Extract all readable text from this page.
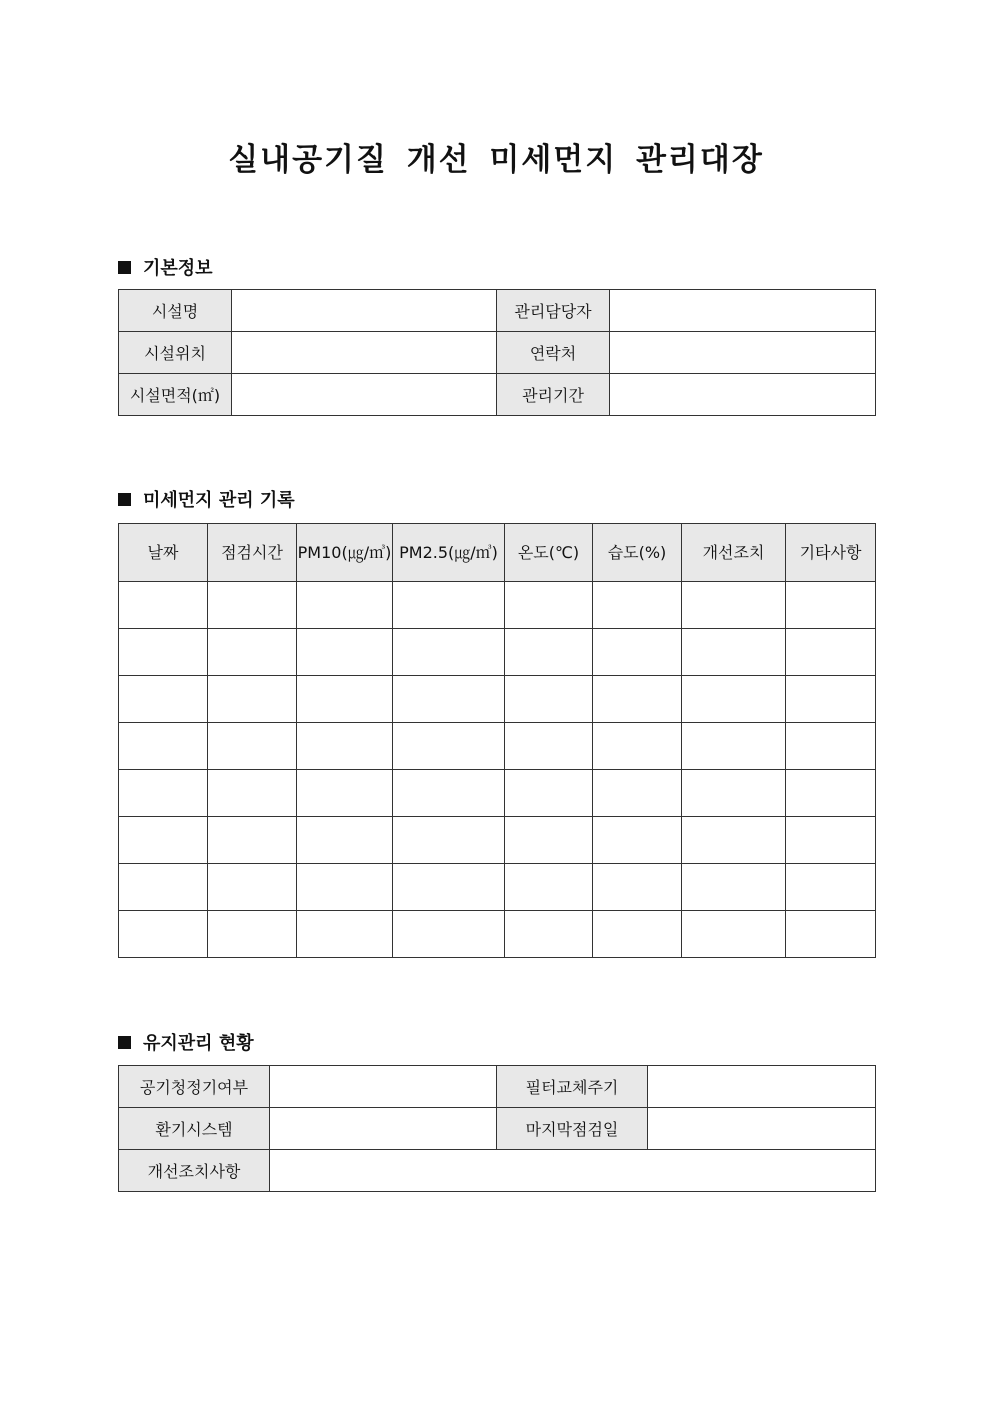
실내공기질 개선 미세먼지 관리대장
기본정보
시설명		관리담당자	
시설위치		연락처	
시설면적(㎡)		관리기간	
미세먼지 관리 기록
날짜	점검시간	PM10(㎍/㎥)	PM2.5(㎍/㎥)	온도(℃)	습도(%)	개선조치	기타사항

유지관리 현황
공기청정기여부		필터교체주기	
환기시스템		마지막점검일	
개선조치사항			
